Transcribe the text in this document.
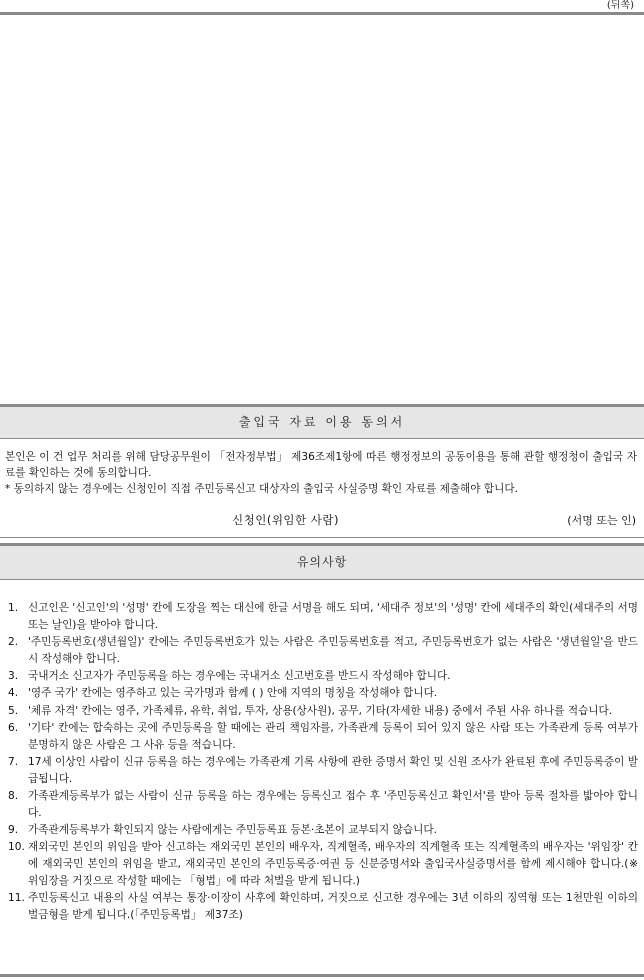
(뒤쪽)
출입국 자료 이용 동의서
본인은 이 건 업무 처리를 위해 담당공무원이 「전자정부법」 제36조제1항에 따른 행정정보의 공동이용을 통해 관할 행정청이 출입국 자료를 확인하는 것에 동의합니다.
* 동의하지 않는 경우에는 신청인이 직접 주민등록신고 대상자의 출입국 사실증명 확인 자료를 제출해야 합니다.
신청인(위임한 사람)	(서명 또는 인)
유의사항
1. 신고인은 '신고인'의 '성명' 칸에 도장을 찍는 대신에 한글 서명을 해도 되며, '세대주 정보'의 '성명' 칸에 세대주의 확인(세대주의 서명 또는 날인)을 받아야 합니다.
2. '주민등록번호(생년월일)' 칸에는 주민등록번호가 있는 사람은 주민등록번호를 적고, 주민등록번호가 없는 사람은 '생년월일'을 반드시 작성해야 합니다.
3. 국내거소 신고자가 주민등록을 하는 경우에는 국내거소 신고번호를 반드시 작성해야 합니다.
4. '영주 국가' 칸에는 영주하고 있는 국가명과 함께 ( ) 안에 지역의 명칭을 작성해야 합니다.
5. '체류 자격' 칸에는 영주, 가족체류, 유학, 취업, 투자, 상용(상사원), 공무, 기타(자세한 내용) 중에서 주된 사유 하나를 적습니다.
6. '기타' 칸에는 합숙하는 곳에 주민등록을 할 때에는 관리 책임자를, 가족관계 등록이 되어 있지 않은 사람 또는 가족관계 등록 여부가 분명하지 않은 사람은 그 사유 등을 적습니다.
7. 17세 이상인 사람이 신규 등록을 하는 경우에는 가족관계 기록 사항에 관한 증명서 확인 및 신원 조사가 완료된 후에 주민등록증이 발급됩니다.
8. 가족관계등록부가 없는 사람이 신규 등록을 하는 경우에는 등록신고 접수 후 '주민등록신고 확인서'를 받아 등록 절차를 밟아야 합니다.
9. 가족관계등록부가 확인되지 않는 사람에게는 주민등록표 등본·초본이 교부되지 않습니다.
10. 재외국민 본인의 위임을 받아 신고하는 재외국민 본인의 배우자, 직계혈족, 배우자의 직계혈족 또는 직계혈족의 배우자는 '위임장' 칸에 재외국민 본인의 위임을 받고, 재외국민 본인의 주민등록증·여권 등 신분증명서와 출입국사실증명서를 함께 제시해야 합니다.(※ 위임장을 거짓으로 작성할 때에는 「형법」에 따라 처벌을 받게 됩니다.)
11. 주민등록신고 내용의 사실 여부는 통장·이장이 사후에 확인하며, 거짓으로 신고한 경우에는 3년 이하의 징역형 또는 1천만원 이하의 벌금형을 받게 됩니다.(「주민등록법」 제37조)
